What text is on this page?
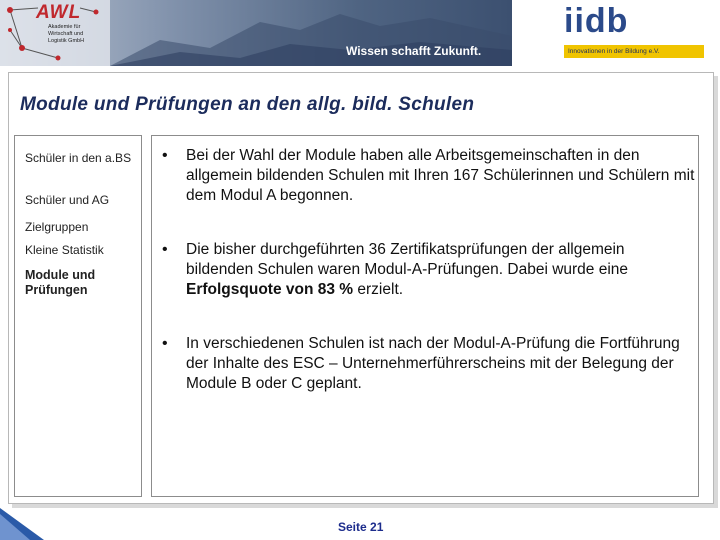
AWL
Akademie für
Wirtschaft und
Logistik GmbH
Wissen schafft Zukunft.
iidb
Innovationen in der Bildung e.V.
Module und Prüfungen an den allg. bild. Schulen
Schüler in den a.BS
Schüler und AG
Zielgruppen
Kleine Statistik
Module und Prüfungen
• Bei der Wahl der Module haben alle Arbeitsgemeinschaften in den allgemein bildenden Schulen mit Ihren 167 Schülerinnen und Schülern mit dem Modul A begonnen.
• Die bisher durchgeführten 36 Zertifikatsprüfungen der allgemein bildenden Schulen waren Modul-A-Prüfungen. Dabei wurde eine Erfolgsquote von 83 % erzielt.
• In verschiedenen Schulen ist nach der Modul-A-Prüfung die Fortführung der Inhalte des ESC – Unternehmerführerscheins mit der Belegung der Module B oder C geplant.
Seite 21
